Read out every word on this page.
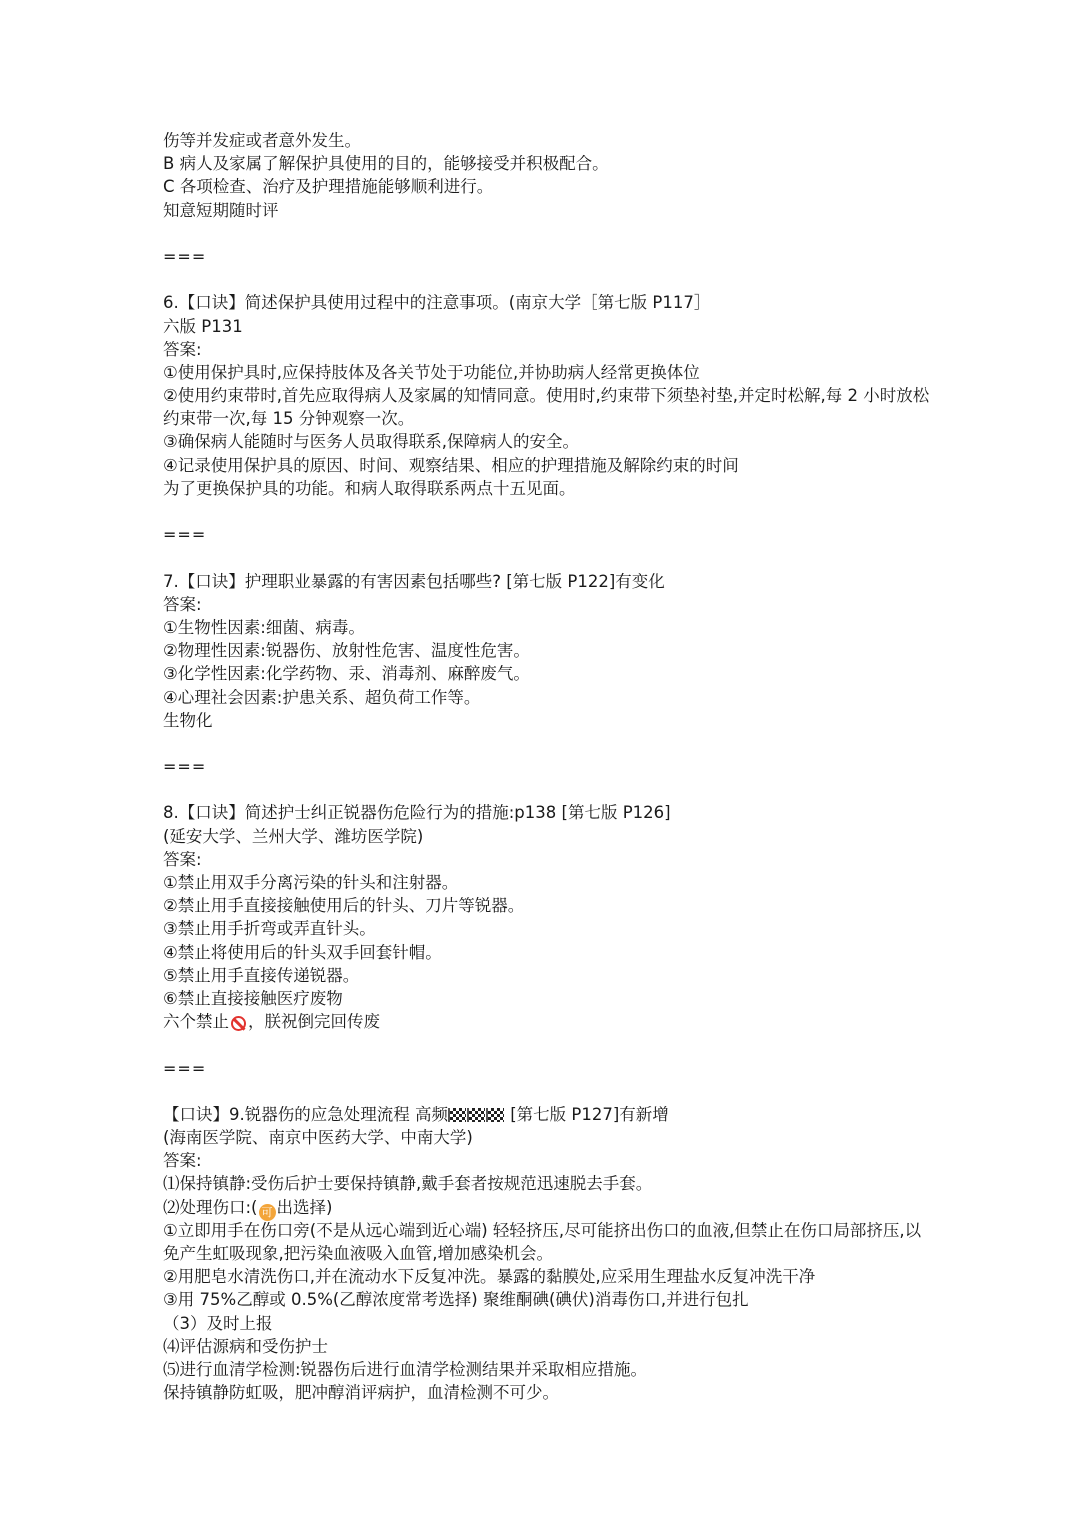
伤等并发症或者意外发生。
B 病人及家属了解保护具使用的目的，能够接受并积极配合。
C 各项检查、治疗及护理措施能够顺利进行。
知意短期随时评
===
6.【口诀】简述保护具使用过程中的注意事项。(南京大学［第七版 P117］
六版 P131
答案:
①使用保护具时,应保持肢体及各关节处于功能位,并协助病人经常更换体位
②使用约束带时,首先应取得病人及家属的知情同意。使用时,约束带下须垫衬垫,并定时松解,每 2 小时放松约束带一次,每 15 分钟观察一次。
③确保病人能随时与医务人员取得联系,保障病人的安全。
④记录使用保护具的原因、时间、观察结果、相应的护理措施及解除约束的时间
为了更换保护具的功能。和病人取得联系两点十五见面。
===
7.【口诀】护理职业暴露的有害因素包括哪些? [第七版 P122]有变化
答案:
①生物性因素:细菌、病毒。
②物理性因素:锐器伤、放射性危害、温度性危害。
③化学性因素:化学药物、汞、消毒剂、麻醉废气。
④心理社会因素:护患关系、超负荷工作等。
生物化
===
8.【口诀】简述护士纠正锐器伤危险行为的措施:p138 [第七版 P126]
(延安大学、兰州大学、潍坊医学院)
答案:
①禁止用双手分离污染的针头和注射器。
②禁止用手直接接触使用后的针头、刀片等锐器。
③禁止用手折弯或弄直针头。
④禁止将使用后的针头双手回套针帽。
⑤禁止用手直接传递锐器。
⑥禁止直接接触医疗废物
六个禁止 ，朕祝倒完回传废
===
【口诀】9.锐器伤的应急处理流程 高频	[第七版 P127]有新增
(海南医学院、南京中医药大学、中南大学)
答案:
⑴保持镇静:受伤后护士要保持镇静,戴手套者按规范迅速脱去手套。
⑵处理伤口:( 可 出选择)
①立即用手在伤口旁(不是从远心端到近心端) 轻轻挤压,尽可能挤出伤口的血液,但禁止在伤口局部挤压,以免产生虹吸现象,把污染血液吸入血管,增加感染机会。
②用肥皂水清洗伤口,并在流动水下反复冲洗。暴露的黏膜处,应采用生理盐水反复冲洗干净
③用 75%乙醇或 0.5%(乙醇浓度常考选择) 聚维酮碘(碘伏)消毒伤口,并进行包扎
（3）及时上报
⑷评估源病和受伤护士
⑸进行血清学检测:锐器伤后进行血清学检测结果并采取相应措施。
保持镇静防虹吸，肥冲醇消评病护，血清检测不可少。
